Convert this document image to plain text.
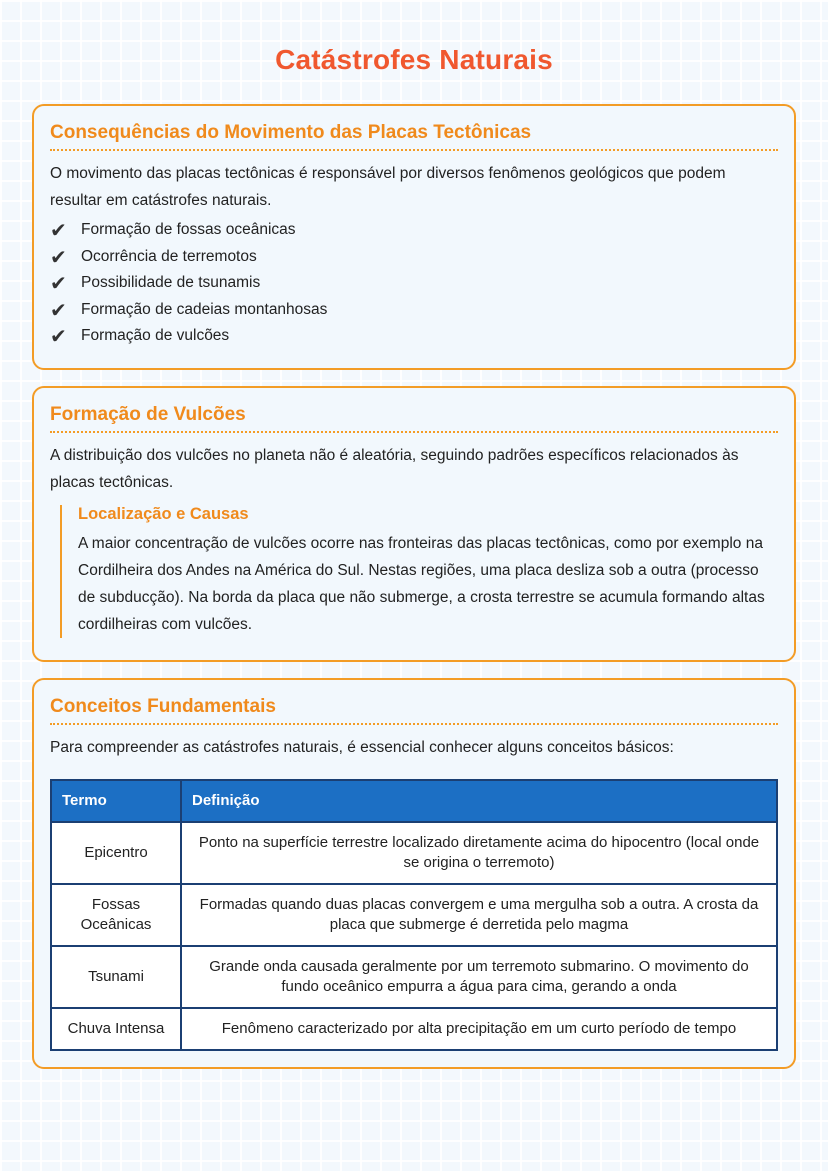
Catástrofes Naturais
Consequências do Movimento das Placas Tectônicas

O movimento das placas tectônicas é responsável por diversos fenômenos geológicos que podem resultar em catástrofes naturais.

✔ Formação de fossas oceânicas
✔ Ocorrência de terremotos
✔ Possibilidade de tsunamis
✔ Formação de cadeias montanhosas
✔ Formação de vulcões
Formação de Vulcões

A distribuição dos vulcões no planeta não é aleatória, seguindo padrões específicos relacionados às placas tectônicas.

Localização e Causas

A maior concentração de vulcões ocorre nas fronteiras das placas tectônicas, como por exemplo na Cordilheira dos Andes na América do Sul. Nestas regiões, uma placa desliza sob a outra (processo de subducção). Na borda da placa que não submerge, a crosta terrestre se acumula formando altas cordilheiras com vulcões.

Conceitos Fundamentais

Para compreender as catástrofes naturais, é essencial conhecer alguns conceitos básicos:

Termo	Definição
Epicentro	Ponto na superfície terrestre localizado diretamente acima do hipocentro (local onde se origina o terremoto)
Fossas Oceânicas	Formadas quando duas placas convergem e uma mergulha sob a outra. A crosta da placa que submerge é derretida pelo magma
Tsunami	Grande onda causada geralmente por um terremoto submarino. O movimento do fundo oceânico empurra a água para cima, gerando a onda
Chuva Intensa	Fenômeno caracterizado por alta precipitação em um curto período de tempo
